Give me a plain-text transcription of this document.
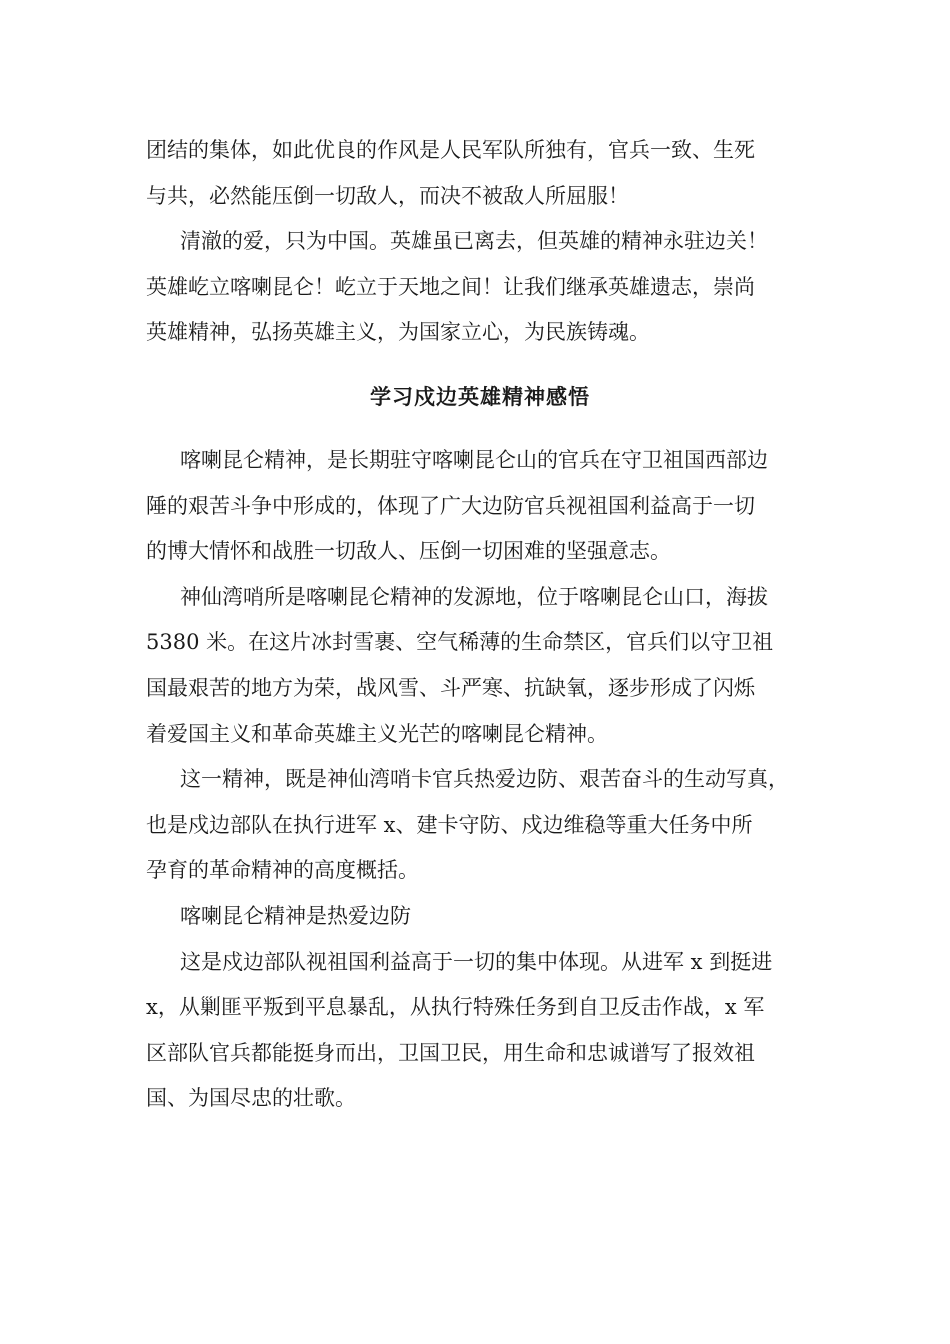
团结的集体，如此优良的作风是人民军队所独有，官兵一致、生死
与共，必然能压倒一切敌人，而决不被敌人所屈服！
清澈的爱，只为中国。英雄虽已离去，但英雄的精神永驻边关！
英雄屹立喀喇昆仑！屹立于天地之间！让我们继承英雄遗志，崇尚
英雄精神，弘扬英雄主义，为国家立心，为民族铸魂。
学习戍边英雄精神感悟
喀喇昆仑精神，是长期驻守喀喇昆仑山的官兵在守卫祖国西部边
陲的艰苦斗争中形成的，体现了广大边防官兵视祖国利益高于一切
的博大情怀和战胜一切敌人、压倒一切困难的坚强意志。
神仙湾哨所是喀喇昆仑精神的发源地，位于喀喇昆仑山口，海拔
5380 米。在这片冰封雪裹、空气稀薄的生命禁区，官兵们以守卫祖
国最艰苦的地方为荣，战风雪、斗严寒、抗缺氧，逐步形成了闪烁
着爱国主义和革命英雄主义光芒的喀喇昆仑精神。
这一精神，既是神仙湾哨卡官兵热爱边防、艰苦奋斗的生动写真，
也是戍边部队在执行进军 x、建卡守防、戍边维稳等重大任务中所
孕育的革命精神的高度概括。
喀喇昆仑精神是热爱边防
这是戍边部队视祖国利益高于一切的集中体现。从进军 x 到挺进
x，从剿匪平叛到平息暴乱，从执行特殊任务到自卫反击作战，x 军
区部队官兵都能挺身而出，卫国卫民，用生命和忠诚谱写了报效祖
国、为国尽忠的壮歌。
